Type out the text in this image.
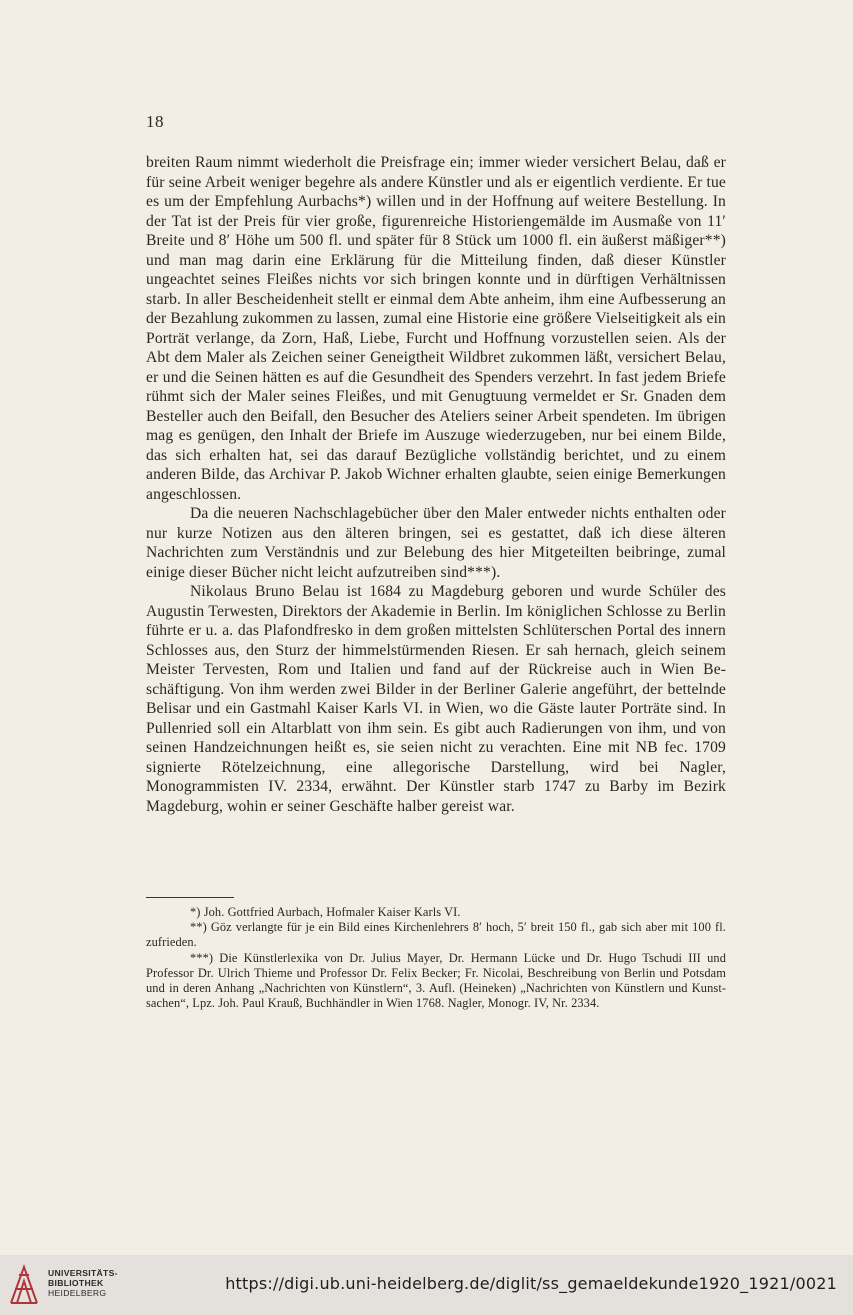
18

breiten Raum nimmt wiederholt die Preisfrage ein; immer wieder versichert Belau, daß er für seine Arbeit weniger begehre als andere Künstler und als er eigentlich verdiente. Er tue es um der Empfehlung Aurbachs*) willen und in der Hoffnung auf weitere Bestellung. In der Tat ist der Preis für vier große, figurenreiche Historiengemälde im Ausmaße von 11′ Breite und 8′ Höhe um 500 fl. und später für 8 Stück um 1000 fl. ein äußerst mäßiger**) und man mag darin eine Erklärung für die Mitteilung finden, daß dieser Künstler ungeachtet seines Fleißes nichts vor sich bringen konnte und in dürftigen Verhältnissen starb. In aller Bescheidenheit stellt er einmal dem Abte anheim, ihm eine Aufbesserung an der Bezahlung zukommen zu lassen, zumal eine Historie eine größere Vielseitigkeit als ein Porträt verlange, da Zorn, Haß, Liebe, Furcht und Hoffnung vorzustellen seien. Als der Abt dem Maler als Zeichen seiner Geneigtheit Wildbret zukommen läßt, versichert Belau, er und die Seinen hätten es auf die Gesundheit des Spenders verzehrt. In fast jedem Briefe rühmt sich der Maler seines Fleißes, und mit Genugtuung vermeldet er Sr. Gnaden dem Besteller auch den Beifall, den Besucher des Ateliers seiner Arbeit spendeten. Im übrigen mag es genügen, den Inhalt der Briefe im Auszuge wiederzugeben, nur bei einem Bilde, das sich erhalten hat, sei das darauf Bezügliche vollständig berichtet, und zu einem anderen Bilde, das Archivar P. Jakob Wichner erhalten glaubte, seien einige Bemerkungen angeschlossen.

Da die neueren Nachschlagebücher über den Maler entweder nichts enthalten oder nur kurze Notizen aus den älteren bringen, sei es gestattet, daß ich diese älteren Nachrichten zum Verständnis und zur Belebung des hier Mitgeteilten beibringe, zumal einige dieser Bücher nicht leicht aufzutreiben sind***).

Nikolaus Bruno Belau ist 1684 zu Magdeburg geboren und wurde Schüler des Augustin Terwesten, Direktors der Akademie in Berlin. Im königlichen Schlosse zu Berlin führte er u. a. das Plafondfresko in dem großen mittelsten Schlüterschen Portal des innern Schlosses aus, den Sturz der himmelstürmenden Riesen. Er sah hernach, gleich seinem Meister Tervesten, Rom und Italien und fand auf der Rückreise auch in Wien Beschäftigung. Von ihm werden zwei Bilder in der Berliner Galerie angeführt, der bettelnde Belisar und ein Gastmahl Kaiser Karls VI. in Wien, wo die Gäste lauter Porträte sind. In Pullenried soll ein Altarblatt von ihm sein. Es gibt auch Radierungen von ihm, und von seinen Handzeichnungen heißt es, sie seien nicht zu verachten. Eine mit NB fec. 1709 signierte Rötelzeichnung, eine allegorische Darstellung, wird bei Nagler, Monogrammisten IV. 2334, erwähnt. Der Künstler starb 1747 zu Barby im Bezirk Magdeburg, wohin er seiner Geschäfte halber gereist war.

*) Joh. Gottfried Aurbach, Hofmaler Kaiser Karls VI.

**) Göz verlangte für je ein Bild eines Kirchenlehrers 8′ hoch, 5′ breit 150 fl., gab sich aber mit 100 fl. zufrieden.

***) Die Künstlerlexika von Dr. Julius Mayer, Dr. Hermann Lücke und Dr. Hugo Tschudi III und Professor Dr. Ulrich Thieme und Professor Dr. Felix Becker; Fr. Nicolai, Beschreibung von Berlin und Potsdam und in deren Anhang „Nachrichten von Künstlern“, 3. Aufl. (Heineken) „Nachrichten von Künstlern und Kunstsachen“, Lpz. Joh. Paul Krauß, Buchhändler in Wien 1768. Nagler, Monogr. IV, Nr. 2334.

UNIVERSITÄTS-
BIBLIOTHEK
HEIDELBERG	https://digi.ub.uni-heidelberg.de/diglit/ss_gemaeldekunde1920_1921/0021
